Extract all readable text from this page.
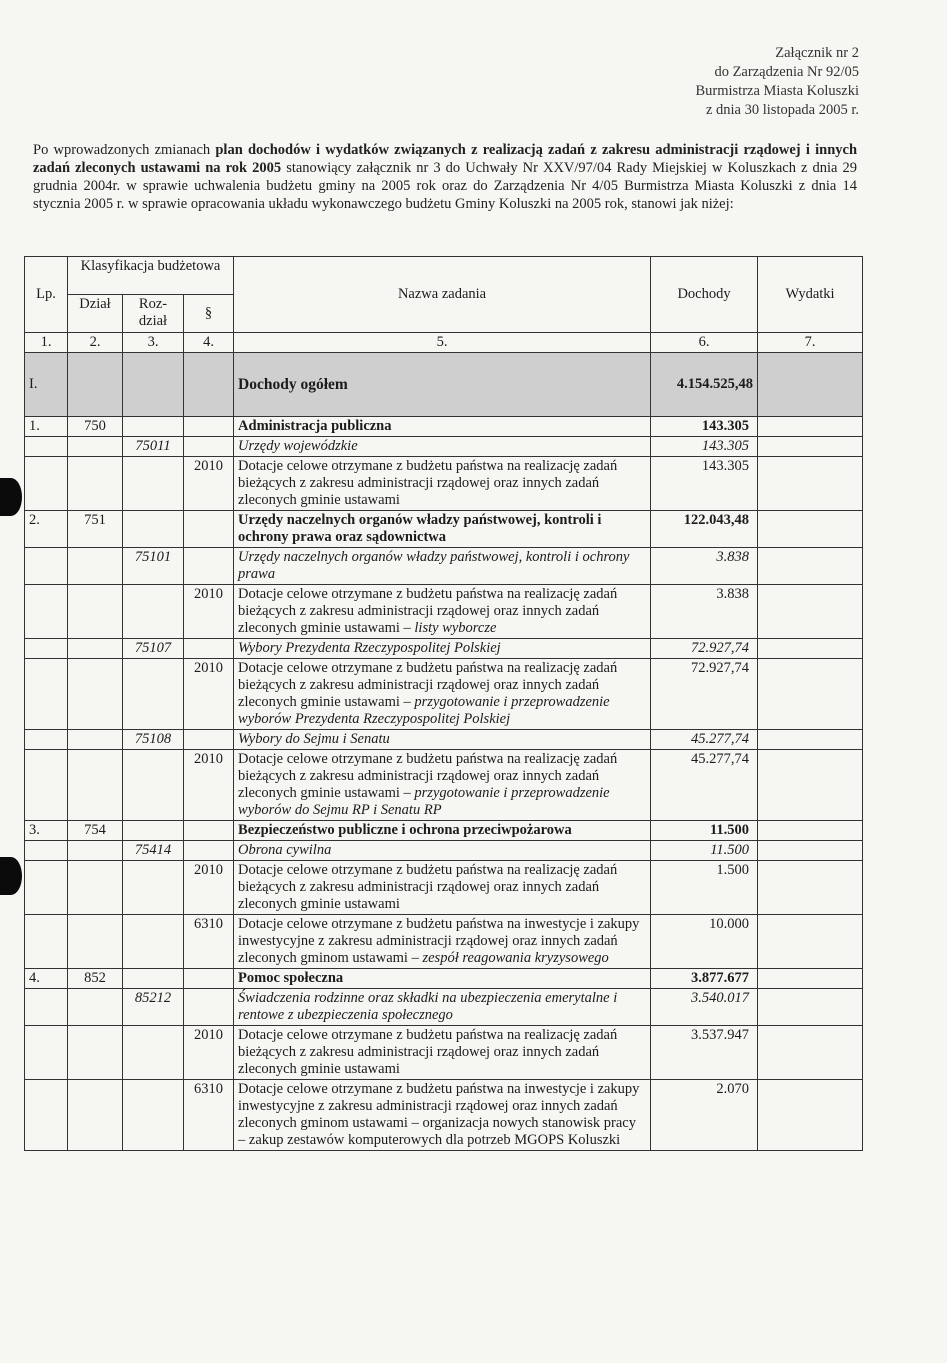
Załącznik nr 2
do Zarządzenia Nr 92/05
Burmistrza Miasta Koluszki
z dnia 30 listopada 2005 r.
Po wprowadzonych zmianach plan dochodów i wydatków związanych z realizacją zadań z zakresu administracji rządowej i innych zadań zleconych ustawami na rok 2005 stanowiący załącznik nr 3 do Uchwały Nr XXV/97/04 Rady Miejskiej w Koluszkach z dnia 29 grudnia 2004r. w sprawie uchwalenia budżetu gminy na 2005 rok oraz do Zarządzenia Nr 4/05 Burmistrza Miasta Koluszki z dnia 14 stycznia 2005 r. w sprawie opracowania układu wykonawczego budżetu Gminy Koluszki na 2005 rok, stanowi jak niżej:
Lp.	Klasyfikacja budżetowa			Nazwa zadania	Dochody	Wydatki
	Dział	Roz-dział	§			
1.	2.	3.	4.	5.	6.	7.
I.				Dochody ogółem	4.154.525,48	
1.	750			Administracja publiczna	143.305	
		75011		Urzędy wojewódzkie	143.305	
			2010	Dotacje celowe otrzymane z budżetu państwa na realizację zadań bieżących z zakresu administracji rządowej oraz innych zadań zleconych gminie ustawami	143.305	
2.	751			Urzędy naczelnych organów władzy państwowej, kontroli i ochrony prawa oraz sądownictwa	122.043,48	
		75101		Urzędy naczelnych organów władzy państwowej, kontroli i ochrony prawa	3.838	
			2010	Dotacje celowe otrzymane z budżetu państwa na realizację zadań bieżących z zakresu administracji rządowej oraz innych zadań zleconych gminie ustawami – listy wyborcze	3.838	
		75107		Wybory Prezydenta Rzeczypospolitej Polskiej	72.927,74	
			2010	Dotacje celowe otrzymane z budżetu państwa na realizację zadań bieżących z zakresu administracji rządowej oraz innych zadań zleconych gminie ustawami – przygotowanie i przeprowadzenie wyborów Prezydenta Rzeczypospolitej Polskiej	72.927,74	
		75108		Wybory do Sejmu i Senatu	45.277,74	
			2010	Dotacje celowe otrzymane z budżetu państwa na realizację zadań bieżących z zakresu administracji rządowej oraz innych zadań zleconych gminie ustawami – przygotowanie i przeprowadzenie wyborów do Sejmu RP i Senatu RP	45.277,74	
3.	754			Bezpieczeństwo publiczne i ochrona przeciwpożarowa	11.500	
		75414		Obrona cywilna	11.500	
			2010	Dotacje celowe otrzymane z budżetu państwa na realizację zadań bieżących z zakresu administracji rządowej oraz innych zadań zleconych gminie ustawami	1.500	
			6310	Dotacje celowe otrzymane z budżetu państwa na inwestycje i zakupy inwestycyjne z zakresu administracji rządowej oraz innych zadań zleconych gminom ustawami – zespół reagowania kryzysowego	10.000	
4.	852			Pomoc społeczna	3.877.677	
		85212		Świadczenia rodzinne oraz składki na ubezpieczenia emerytalne i rentowe z ubezpieczenia społecznego	3.540.017	
			2010	Dotacje celowe otrzymane z budżetu państwa na realizację zadań bieżących z zakresu administracji rządowej oraz innych zadań zleconych gminie ustawami	3.537.947	
			6310	Dotacje celowe otrzymane z budżetu państwa na inwestycje i zakupy inwestycyjne z zakresu administracji rządowej oraz innych zadań zleconych gminom ustawami – organizacja nowych stanowisk pracy – zakup zestawów komputerowych dla potrzeb MGOPS Koluszki	2.070	
